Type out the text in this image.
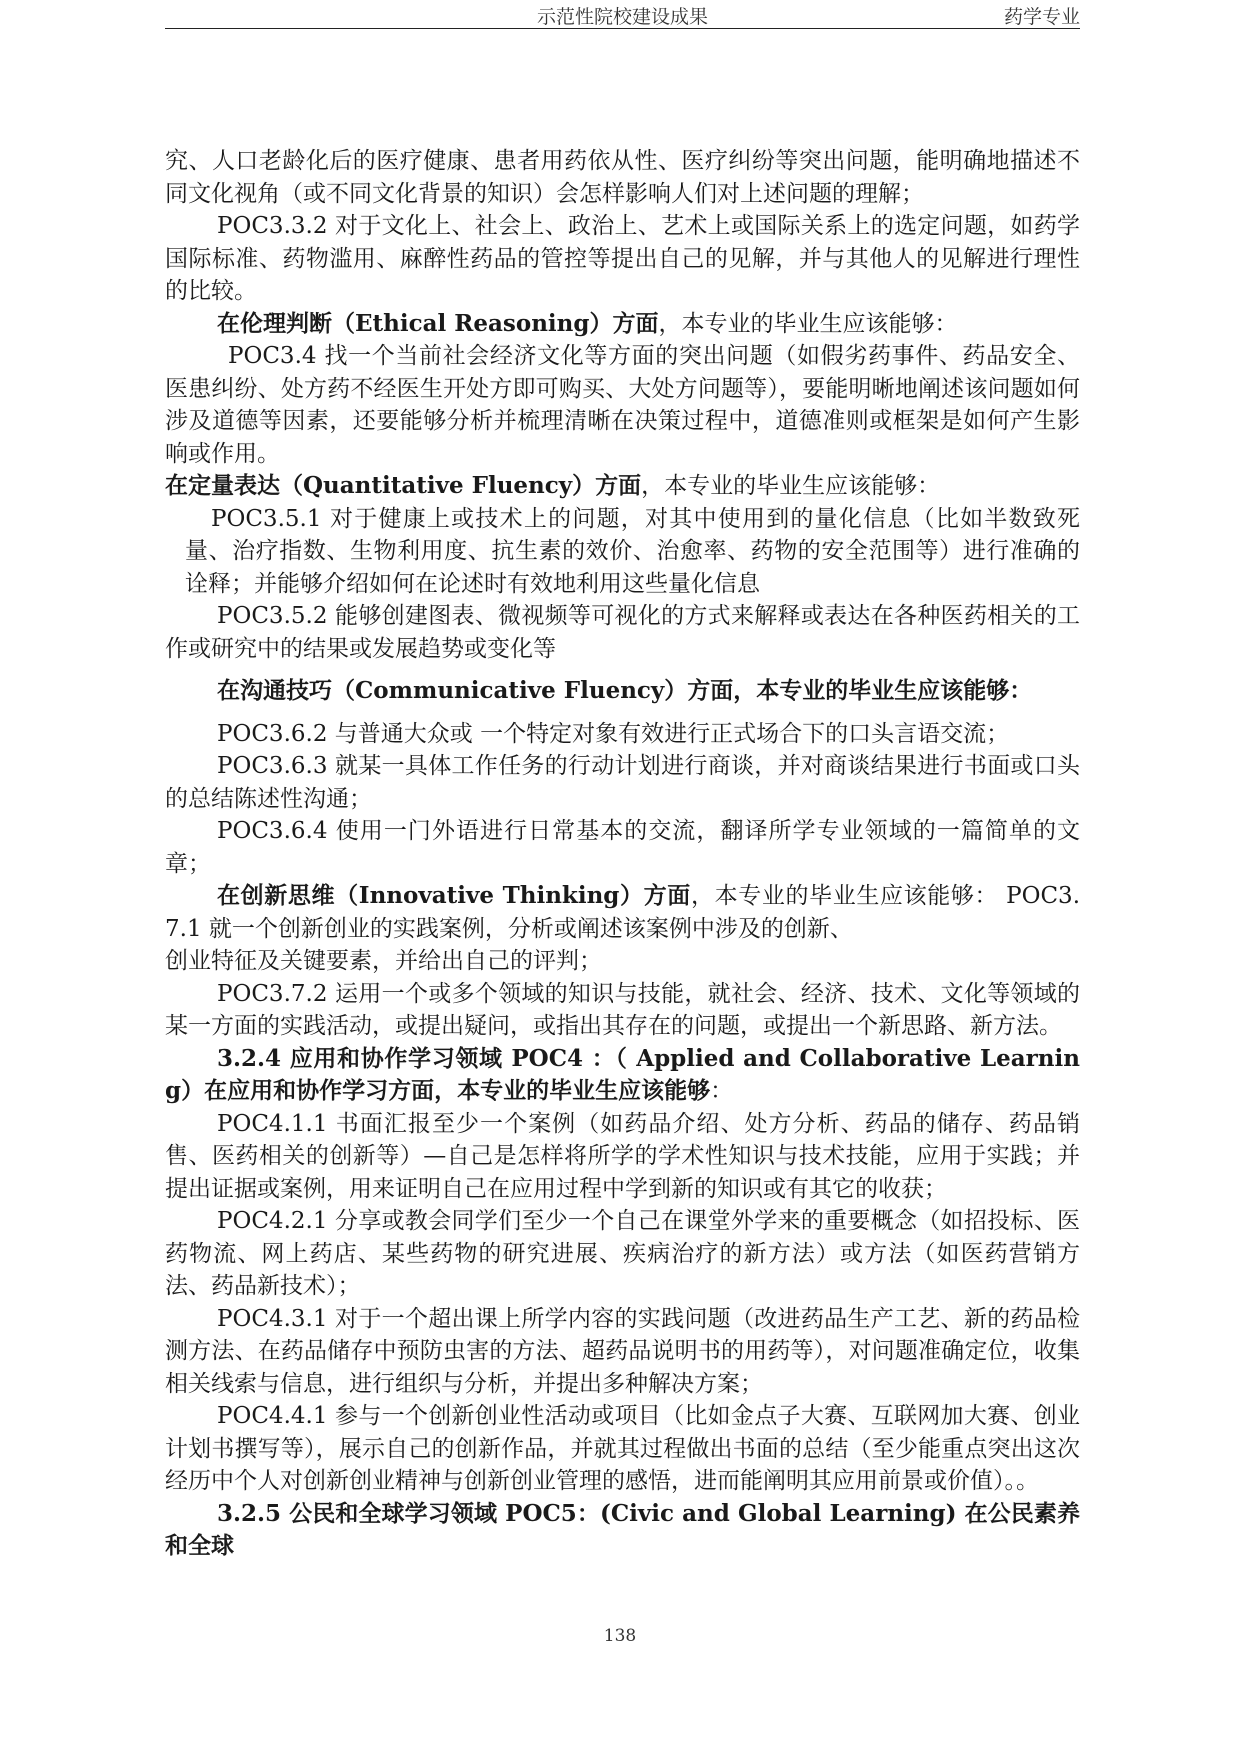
示范性院校建设成果	药学专业

究、人口老龄化后的医疗健康、患者用药依从性、医疗纠纷等突出问题，能明确地描述不同文化视角（或不同文化背景的知识）会怎样影响人们对上述问题的理解；

POC3.3.2 对于文化上、社会上、政治上、艺术上或国际关系上的选定问题，如药学国际标准、药物滥用、麻醉性药品的管控等提出自己的见解，并与其他人的见解进行理性的比较。

在伦理判断（Ethical Reasoning）方面，本专业的毕业生应该能够：

POC3.4 找一个当前社会经济文化等方面的突出问题（如假劣药事件、药品安全、医患纠纷、处方药不经医生开处方即可购买、大处方问题等），要能明晰地阐述该问题如何涉及道德等因素，还要能够分析并梳理清晰在决策过程中，道德准则或框架是如何产生影响或作用。

在定量表达（Quantitative Fluency）方面，本专业的毕业生应该能够：

POC3.5.1 对于健康上或技术上的问题，对其中使用到的量化信息（比如半数致死量、治疗指数、生物利用度、抗生素的效价、治愈率、药物的安全范围等）进行准确的诠释；并能够介绍如何在论述时有效地利用这些量化信息

POC3.5.2 能够创建图表、微视频等可视化的方式来解释或表达在各种医药相关的工作或研究中的结果或发展趋势或变化等

在沟通技巧（Communicative Fluency）方面，本专业的毕业生应该能够：

POC3.6.2 与普通大众或 一个特定对象有效进行正式场合下的口头言语交流；

POC3.6.3 就某一具体工作任务的行动计划进行商谈，并对商谈结果进行书面或口头的总结陈述性沟通；

POC3.6.4 使用一门外语进行日常基本的交流，翻译所学专业领域的一篇简单的文章；

在创新思维（Innovative Thinking）方面，本专业的毕业生应该能够： POC3.7.1 就一个创新创业的实践案例，分析或阐述该案例中涉及的创新、

创业特征及关键要素，并给出自己的评判；

POC3.7.2 运用一个或多个领域的知识与技能，就社会、经济、技术、文化等领域的某一方面的实践活动，或提出疑问，或指出其存在的问题，或提出一个新思路、新方法。

3.2.4 应用和协作学习领域 POC4 ：（ Applied and Collaborative Learning）在应用和协作学习方面，本专业的毕业生应该能够：

POC4.1.1 书面汇报至少一个案例（如药品介绍、处方分析、药品的储存、药品销售、医药相关的创新等）—自己是怎样将所学的学术性知识与技术技能，应用于实践；并提出证据或案例，用来证明自己在应用过程中学到新的知识或有其它的收获；

POC4.2.1 分享或教会同学们至少一个自己在课堂外学来的重要概念（如招投标、医药物流、网上药店、某些药物的研究进展、疾病治疗的新方法）或方法（如医药营销方法、药品新技术）；

POC4.3.1 对于一个超出课上所学内容的实践问题（改进药品生产工艺、新的药品检测方法、在药品储存中预防虫害的方法、超药品说明书的用药等），对问题准确定位，收集相关线索与信息，进行组织与分析，并提出多种解决方案；

POC4.4.1 参与一个创新创业性活动或项目（比如金点子大赛、互联网加大赛、创业计划书撰写等），展示自己的创新作品，并就其过程做出书面的总结（至少能重点突出这次经历中个人对创新创业精神与创新创业管理的感悟，进而能阐明其应用前景或价值）。。

3.2.5 公民和全球学习领域 POC5：(Civic and Global Learning) 在公民素养和全球

138
